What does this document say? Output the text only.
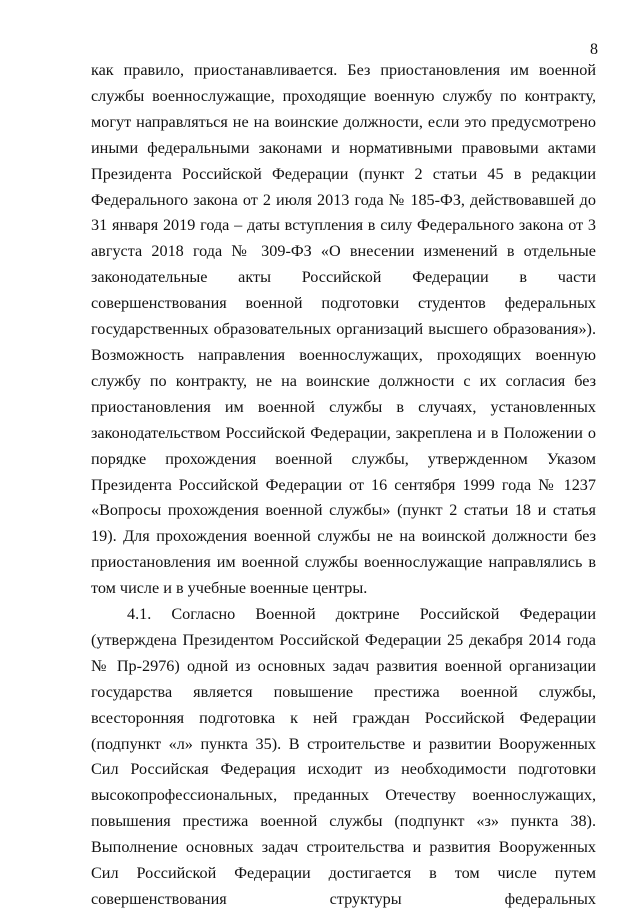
8

как правило, приостанавливается. Без приостановления им военной службы военнослужащие, проходящие военную службу по контракту, могут направляться не на воинские должности, если это предусмотрено иными федеральными законами и нормативными правовыми актами Президента Российской Федерации (пункт 2 статьи 45 в редакции Федерального закона от 2 июля 2013 года № 185-ФЗ, действовавшей до 31 января 2019 года – даты вступления в силу Федерального закона от 3 августа 2018 года № 309-ФЗ «О внесении изменений в отдельные законодательные акты Российской Федерации в части совершенствования военной подготовки студентов федеральных государственных образовательных организаций высшего образования»). Возможность направления военнослужащих, проходящих военную службу по контракту, не на воинские должности с их согласия без приостановления им военной службы в случаях, установленных законодательством Российской Федерации, закреплена и в Положении о порядке прохождения военной службы, утвержденном Указом Президента Российской Федерации от 16 сентября 1999 года № 1237 «Вопросы прохождения военной службы» (пункт 2 статьи 18 и статья 19). Для прохождения военной службы не на воинской должности без приостановления им военной службы военнослужащие направлялись в том числе и в учебные военные центры.

4.1. Согласно Военной доктрине Российской Федерации (утверждена Президентом Российской Федерации 25 декабря 2014 года № Пр-2976) одной из основных задач развития военной организации государства является повышение престижа военной службы, всесторонняя подготовка к ней граждан Российской Федерации (подпункт «л» пункта 35). В строительстве и развитии Вооруженных Сил Российская Федерация исходит из необходимости подготовки высокопрофессиональных, преданных Отечеству военнослужащих, повышения престижа военной службы (подпункт «з» пункта 38). Выполнение основных задач строительства и развития Вооруженных Сил Российской Федерации достигается в том числе путем совершенствования структуры федеральных
